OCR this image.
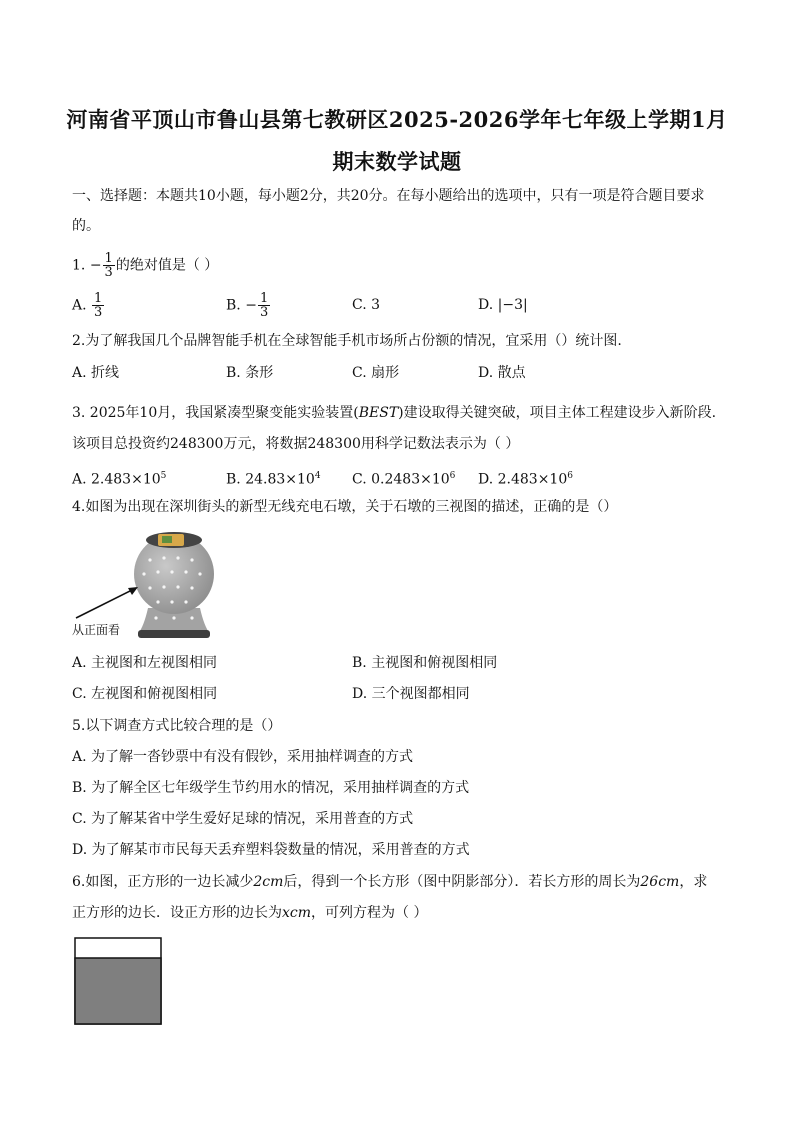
河南省平顶山市鲁山县第七教研区2025-2026学年七年级上学期1月
期末数学试题
一、选择题：本题共10小题，每小题2分，共20分。在每小题给出的选项中，只有一项是符合题目要求
的。
1. − $\frac{1}{3}$ 的绝对值是（ ）
A. $\frac{1}{3}$	B. − $\frac{1}{3}$	C. 3	D. |−3|
2.为了解我国几个品牌智能手机在全球智能手机市场所占份额的情况，宜采用（）统计图.
A. 折线	B. 条形	C. 扇形	D. 散点
3. 2025年10月，我国紧凑型聚变能实验装置(BEST)建设取得关键突破，项目主体工程建设步入新阶段.
该项目总投资约248300万元，将数据248300用科学记数法表示为（ ）
A. $2.483\times 10^5$	B. $24.83\times 10^4$ C. $0.2483\times 10^6$ D. $2.483\times 10^6$
4.如图为出现在深圳街头的新型无线充电石墩，关于石墩的三视图的描述，正确的是（）
从正面看
A. 主视图和左视图相同	B. 主视图和俯视图相同
C. 左视图和俯视图相同	D. 三个视图都相同
5.以下调查方式比较合理的是（）
A. 为了解一沓钞票中有没有假钞，采用抽样调查的方式
B. 为了解全区七年级学生节约用水的情况，采用抽样调查的方式
C. 为了解某省中学生爱好足球的情况，采用普查的方式
D. 为了解某市市民每天丢弃塑料袋数量的情况，采用普查的方式
6.如图，正方形的一边长减少2cm后，得到一个长方形（图中阴影部分）．若长方形的周长为26cm，求
正方形的边长．设正方形的边长为xcm，可列方程为（ ）
